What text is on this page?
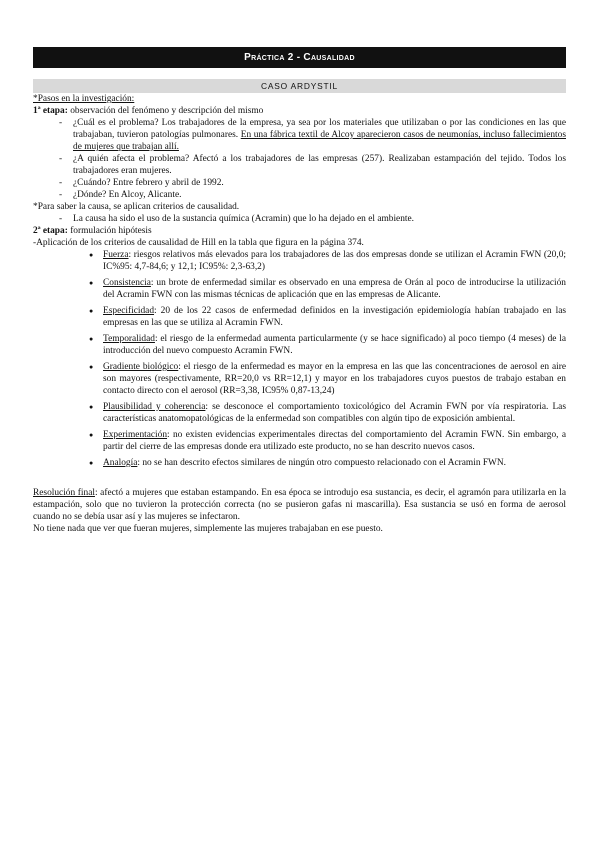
Práctica 2 - Causalidad
CASO ARDYSTIL
*Pasos en la investigación:
1ª etapa: observación del fenómeno y descripción del mismo
- ¿Cuál es el problema? Los trabajadores de la empresa, ya sea por los materiales que utilizaban o por las condiciones en las que trabajaban, tuvieron patologías pulmonares. En una fábrica textil de Alcoy aparecieron casos de neumonías, incluso fallecimientos de mujeres que trabajan allí.
- ¿A quién afecta el problema? Afectó a los trabajadores de las empresas (257). Realizaban estampación del tejido. Todos los trabajadores eran mujeres.
- ¿Cuándo? Entre febrero y abril de 1992.
- ¿Dónde? En Alcoy, Alicante.
*Para saber la causa, se aplican criterios de causalidad.
- La causa ha sido el uso de la sustancia química (Acramin) que lo ha dejado en el ambiente.
2ª etapa: formulación hipótesis
-Aplicación de los criterios de causalidad de Hill en la tabla que figura en la página 374.
● Fuerza: riesgos relativos más elevados para los trabajadores de las dos empresas donde se utilizan el Acramin FWN (20,0; IC%95: 4,7-84,6; y 12,1; IC95%: 2,3-63,2)
● Consistencia: un brote de enfermedad similar es observado en una empresa de Orán al poco de introducirse la utilización del Acramin FWN con las mismas técnicas de aplicación que en las empresas de Alicante.
● Especificidad: 20 de los 22 casos de enfermedad definidos en la investigación epidemiología habían trabajado en las empresas en las que se utiliza al Acramin FWN.
● Temporalidad: el riesgo de la enfermedad aumenta particularmente (y se hace significado) al poco tiempo (4 meses) de la introducción del nuevo compuesto Acramin FWN.
● Gradiente biológico: el riesgo de la enfermedad es mayor en la empresa en las que las concentraciones de aerosol en aire son mayores (respectivamente, RR=20,0 vs RR=12,1) y mayor en los trabajadores cuyos puestos de trabajo estaban en contacto directo con el aerosol (RR=3,38, IC95% 0,87-13,24)
● Plausibilidad y coherencia: se desconoce el comportamiento toxicológico del Acramin FWN por vía respiratoria. Las características anatomopatológicas de la enfermedad son compatibles con algún tipo de exposición ambiental.
● Experimentación: no existen evidencias experimentales directas del comportamiento del Acramin FWN. Sin embargo, a partir del cierre de las empresas donde era utilizado este producto, no se han descrito nuevos casos.
● Analogía: no se han descrito efectos similares de ningún otro compuesto relacionado con el Acramin FWN.
Resolución final: afectó a mujeres que estaban estampando. En esa época se introdujo esa sustancia, es decir, el agramón para utilizarla en la estampación, solo que no tuvieron la protección correcta (no se pusieron gafas ni mascarilla). Esa sustancia se usó en forma de aerosol cuando no se debía usar así y las mujeres se infectaron.
No tiene nada que ver que fueran mujeres, simplemente las mujeres trabajaban en ese puesto.
